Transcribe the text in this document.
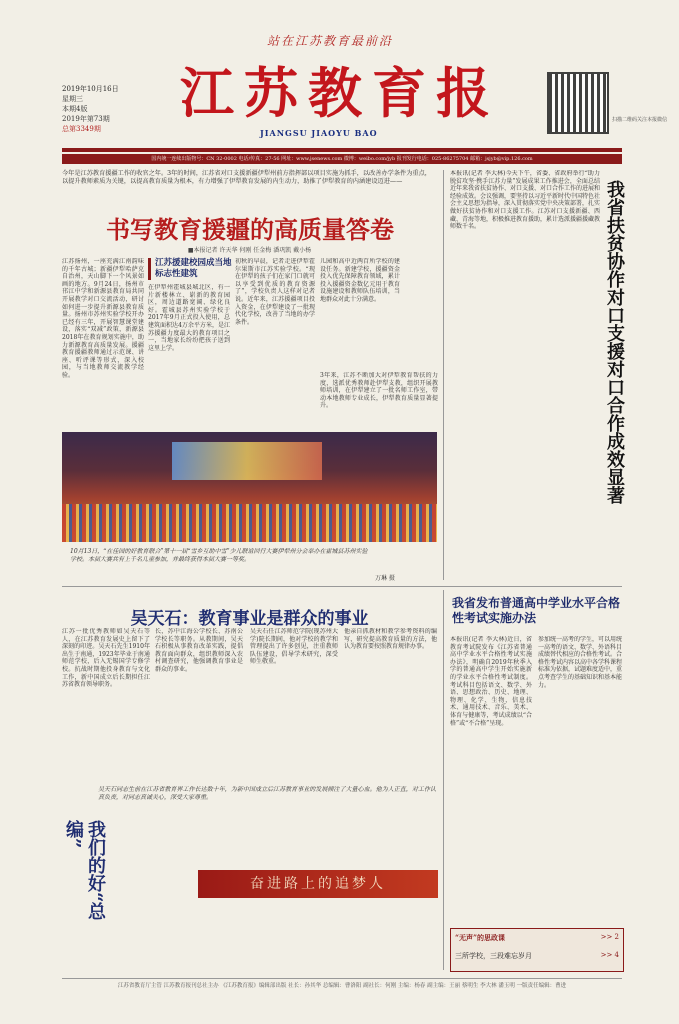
站在江苏教育最前沿
江苏教育报
JIANGSU JIAOYU BAO
2019年10月16日
星期三
本期4版
2019年第73期
总第3349期
扫描二维码关注本报微信
国内统一连续出版物号：CN 32-0002 电话/传真：27-56 网址：www.jsenews.com 微博：weibo.com/jyb 报刊发行电话：025-86275704 邮箱：jsjyb@vip.126.com
今年是江苏教育援疆工作的收官之年。3年的时间，江苏省对口支援新疆伊犁州前方指挥部以项目实施为抓手，以改善办学条件为重点，以提升教师素质为关键，以提高教育质量为根本，有力增强了伊犁教育发展的内生动力，助推了伊犁教育的内涵建设迈进——
书写教育援疆的高质量答卷
■本报记者 许天华 何刚 任金梅 潘巩凯 戴小杨
江苏扬州，一座充满江南韵味的千年古城；新疆伊犁哈萨克自治州，天山脚下一个风景如画的地方。9月24日，扬州市邗江中学和新源县教育局共同开展教学对口交流活动，研讨如何进一步提升新源县教育质量。扬州市苏州实验学校开办已经有三年，开展智慧课堂建设，落实“双减”政策，新源县2018年在教育规划实施中，助力新源教育高质量发展。援疆教育援疆教师通过示范课、讲座、听评课等形式，深入校园，与当地教师交流教学经验。
江苏援建校园成当地标志性建筑
在伊犁州霍城县城北区，有一片新楼林立、崭新的教育园区，周边道路宽阔、绿化良好。霍城县苏州实验学校于2017年9月正式投入使用，总建筑面积达4万余平方米，是江苏援疆力度最大的教育项目之一，当地家长纷纷把孩子送到这里上学。
初秋的早晨，记者走进伊犁霍尔果斯市江苏实验学校。“现在伊犁的孩子们在家门口就可以享受到优质的教育资源了”，学校负责人这样对记者说。近年来，江苏援疆项目投入资金，在伊犁建设了一批现代化学校，改善了当地的办学条件。
儿园和高中近两百所学校的建设任务。新建学校，援疆资金投入优先保障教育领域，累计投入援疆资金数亿元用于教育设施建设和教师队伍培训，当地群众对此十分满意。
3年来，江苏不断加大对伊犁教育帮扶的力度，选派优秀教师赴伊犁支教，组织开展教师培训，在伊犁建立了一批名师工作室，带动本地教师专业成长，伊犁教育质量显著提升。
10月13日，“在佳园的好教育联合”第十一届“雪乡互助中雪”少儿联谊回行大赛伊犁州分会举办在霍城县苏州实验学校。本届大赛共有上千名儿童参加，并最终获得本届大赛一等奖。
万琳 摄
本报讯(记者 李大林)今天下午，省委、省政府举行“助力脱贫攻坚·携手江苏力量”发展成果工作推进会，全面总结近年来我省扶贫协作、对口支援、对口合作工作的进展和经验成效。会议强调，要坚持以习近平新时代中国特色社会主义思想为指导，深入贯彻落实党中央决策部署，扎实做好扶贫协作和对口支援工作。江苏对口支援新疆、西藏、青海等地，积极推进教育援助，累计选派援疆援藏教师数千名。	我省扶贫协作对口支援对口合作成效显著
吴天石：教育事业是群众的事业
江苏一批优秀教师如吴天石等人，在江苏教育发展史上留下了深刻的印迹。吴天石先生1910年出生于南通，1923年毕业于南通师范学校，后入无锡国学专修学校。抗战时期他投身教育与文化工作，新中国成立后长期担任江苏省教育领导职务。
长，苏中江海公学校长、苏南公学校长等职务。从教期间，吴天石积极从事教育改革实践，提倡教育面向群众，组织教师深入农村调查研究，他强调教育事业是群众的事业。
吴天石任江苏师范学院(现苏州大学)院长期间，他对学校的教学和管理提出了许多创见，注重教师队伍建设，倡导学术研究，深受师生敬重。
他亲自抓教材和教学参考资料的编写，研究提高教育质量的方法，他认为教育要按照教育规律办事。
我们的好“总编”
吴天石同志生前在江苏省教育界工作长达数十年，为新中国成立后江苏教育事业的发展倾注了大量心血。他为人正直，对工作认真负责，对同志真诚关心，深受大家尊重。
奋进路上的追梦人
我省发布普通高中学业水平合格性考试实施办法
本报讯(记者 李大林)近日，省教育考试院发布《江苏省普通高中学业水平合格性考试实施办法》，明确自2019年秋季入学的普通高中学生开始实施新的学业水平合格性考试制度。考试科目包括语文、数学、外语、思想政治、历史、地理、物理、化学、生物、信息技术、通用技术、音乐、美术、体育与健康等，考试成绩以“合格”或“不合格”呈现。
参加统一高考的学生，可以用统一高考的语文、数学、外语科目成绩替代相应的合格性考试。合格性考试内容以高中各学科课程标准为依据，试题难度适中，重点考查学生的基础知识和基本能力。
“无声”的思政课	>> 2
三所学校，三段难忘岁月	>> 4
江苏省教育厅主管 江苏教育报刊总社主办 《江苏教育报》编辑部出版 社长：孙其华 总编辑：曹洛阳 副社长：何刚 主编：杨春 副主编：王丽 蔡明生 李大林 潘玉明 一版责任编辑：曹进
